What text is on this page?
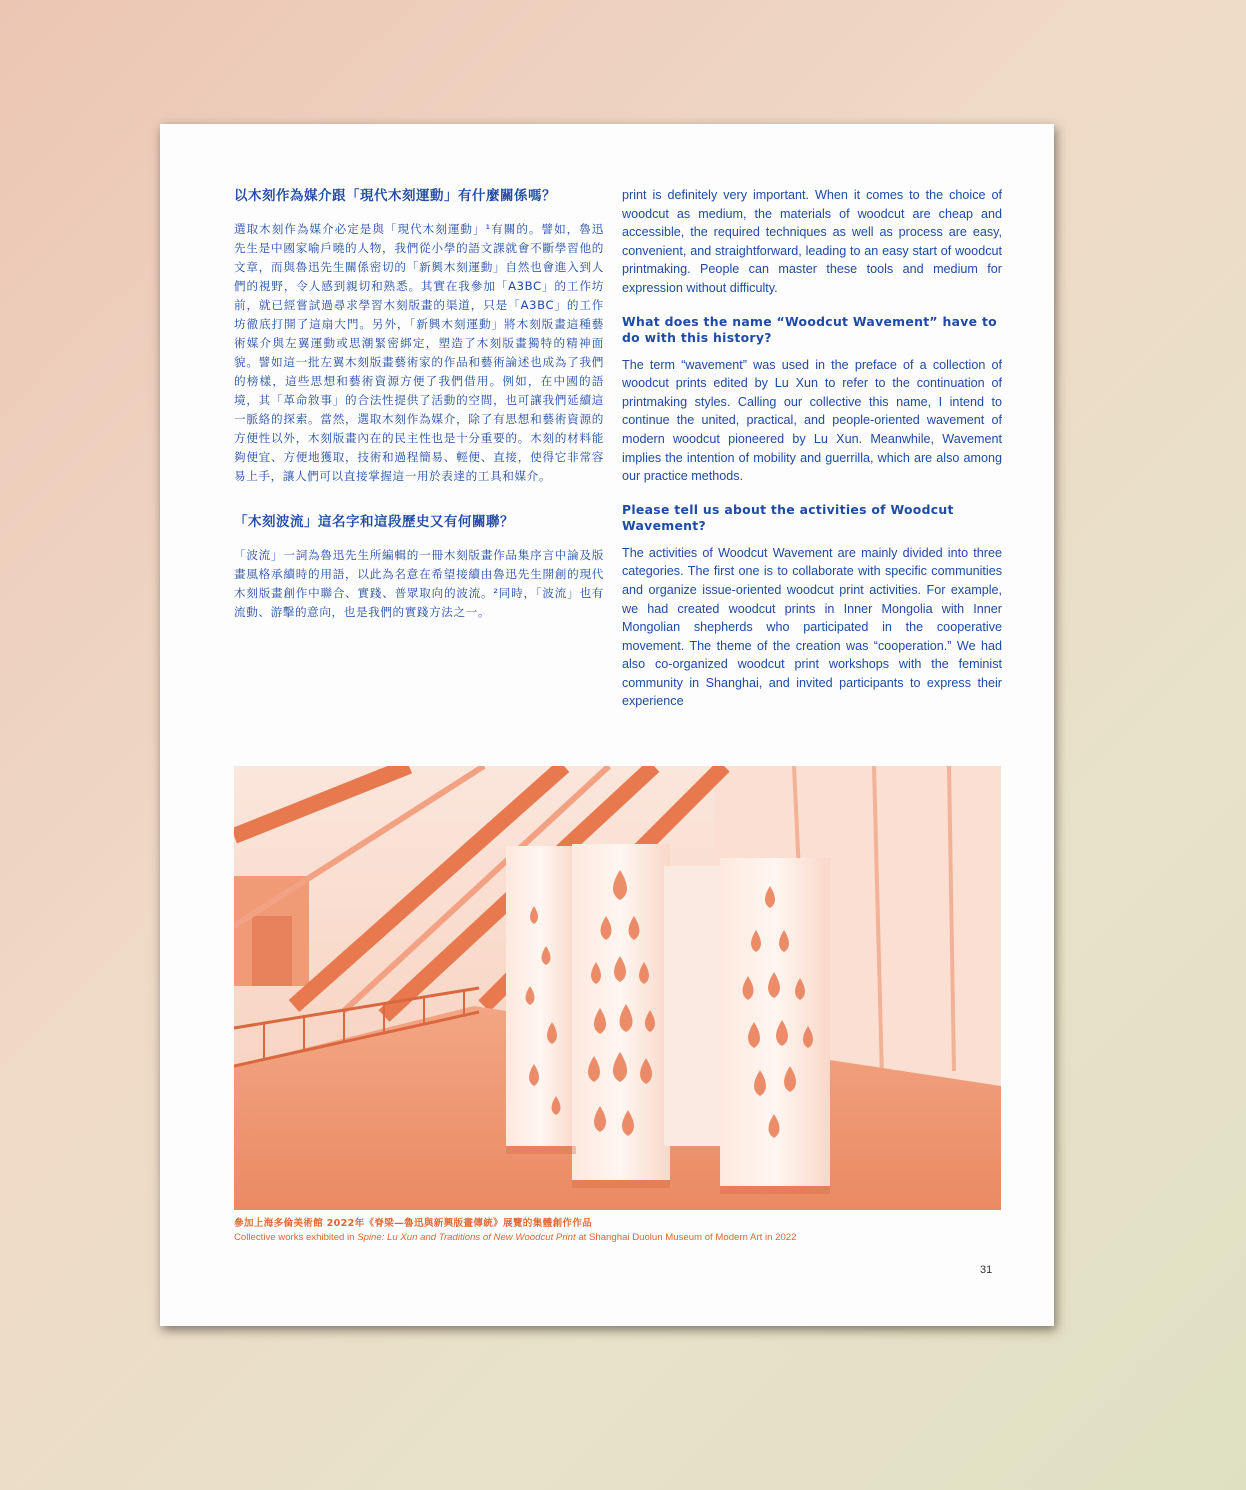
以木刻作為媒介跟「現代木刻運動」有什麼關係嗎？

選取木刻作為媒介必定是與「現代木刻運動」¹有關的。譬如，魯迅先生是中國家喻戶曉的人物，我們從小學的語文課就會不斷學習他的文章，而與魯迅先生關係密切的「新興木刻運動」自然也會進入到人們的視野，令人感到親切和熟悉。其實在我參加「A3BC」的工作坊前，就已經嘗試過尋求學習木刻版畫的渠道，只是「A3BC」的工作坊徹底打開了這扇大門。另外，「新興木刻運動」將木刻版畫這種藝術媒介與左翼運動或思潮緊密綁定，塑造了木刻版畫獨特的精神面貌。譬如這一批左翼木刻版畫藝術家的作品和藝術論述也成為了我們的榜樣，這些思想和藝術資源方便了我們借用。例如，在中國的語境，其「革命敘事」的合法性提供了活動的空間，也可讓我們延續這一脈絡的探索。當然，選取木刻作為媒介，除了有思想和藝術資源的方便性以外，木刻版畫內在的民主性也是十分重要的。木刻的材料能夠便宜、方便地獲取，技術和過程簡易、輕便、直接，使得它非常容易上手，讓人們可以直接掌握這一用於表達的工具和媒介。

「木刻波流」這名字和這段歷史又有何關聯？

「波流」一詞為魯迅先生所編輯的一冊木刻版畫作品集序言中論及版畫風格承續時的用語，以此為名意在希望接續由魯迅先生開創的現代木刻版畫創作中聯合、實踐、普眾取向的波流。²同時，「波流」也有流動、游擊的意向，也是我們的實踐方法之一。

print is definitely very important. When it comes to the choice of woodcut as medium, the materials of woodcut are cheap and accessible, the required techniques as well as process are easy, convenient, and straightforward, leading to an easy start of woodcut printmaking. People can master these tools and medium for expression without difficulty.

What does the name “Woodcut Wavement” have to do with this history?

The term “wavement” was used in the preface of a collection of woodcut prints edited by Lu Xun to refer to the continuation of printmaking styles. Calling our collective this name, I intend to continue the united, practical, and people-oriented wavement of modern woodcut pioneered by Lu Xun. Meanwhile, Wavement implies the intention of mobility and guerrilla, which are also among our practice methods.

Please tell us about the activities of Woodcut Wavement?

The activities of Woodcut Wavement are mainly divided into three categories. The first one is to collaborate with specific communities and organize issue-oriented woodcut print activities. For example, we had created woodcut prints in Inner Mongolia with Inner Mongolian shepherds who participated in the cooperative movement. The theme of the creation was “cooperation.” We had also co-organized woodcut print workshops with the feminist community in Shanghai, and invited participants to express their experience

參加上海多倫美術館 2022年《脊梁—魯迅與新興版畫傳統》展覽的集體創作作品
Collective works exhibited in Spine: Lu Xun and Traditions of New Woodcut Print at Shanghai Duolun Museum of Modern Art in 2022
31
